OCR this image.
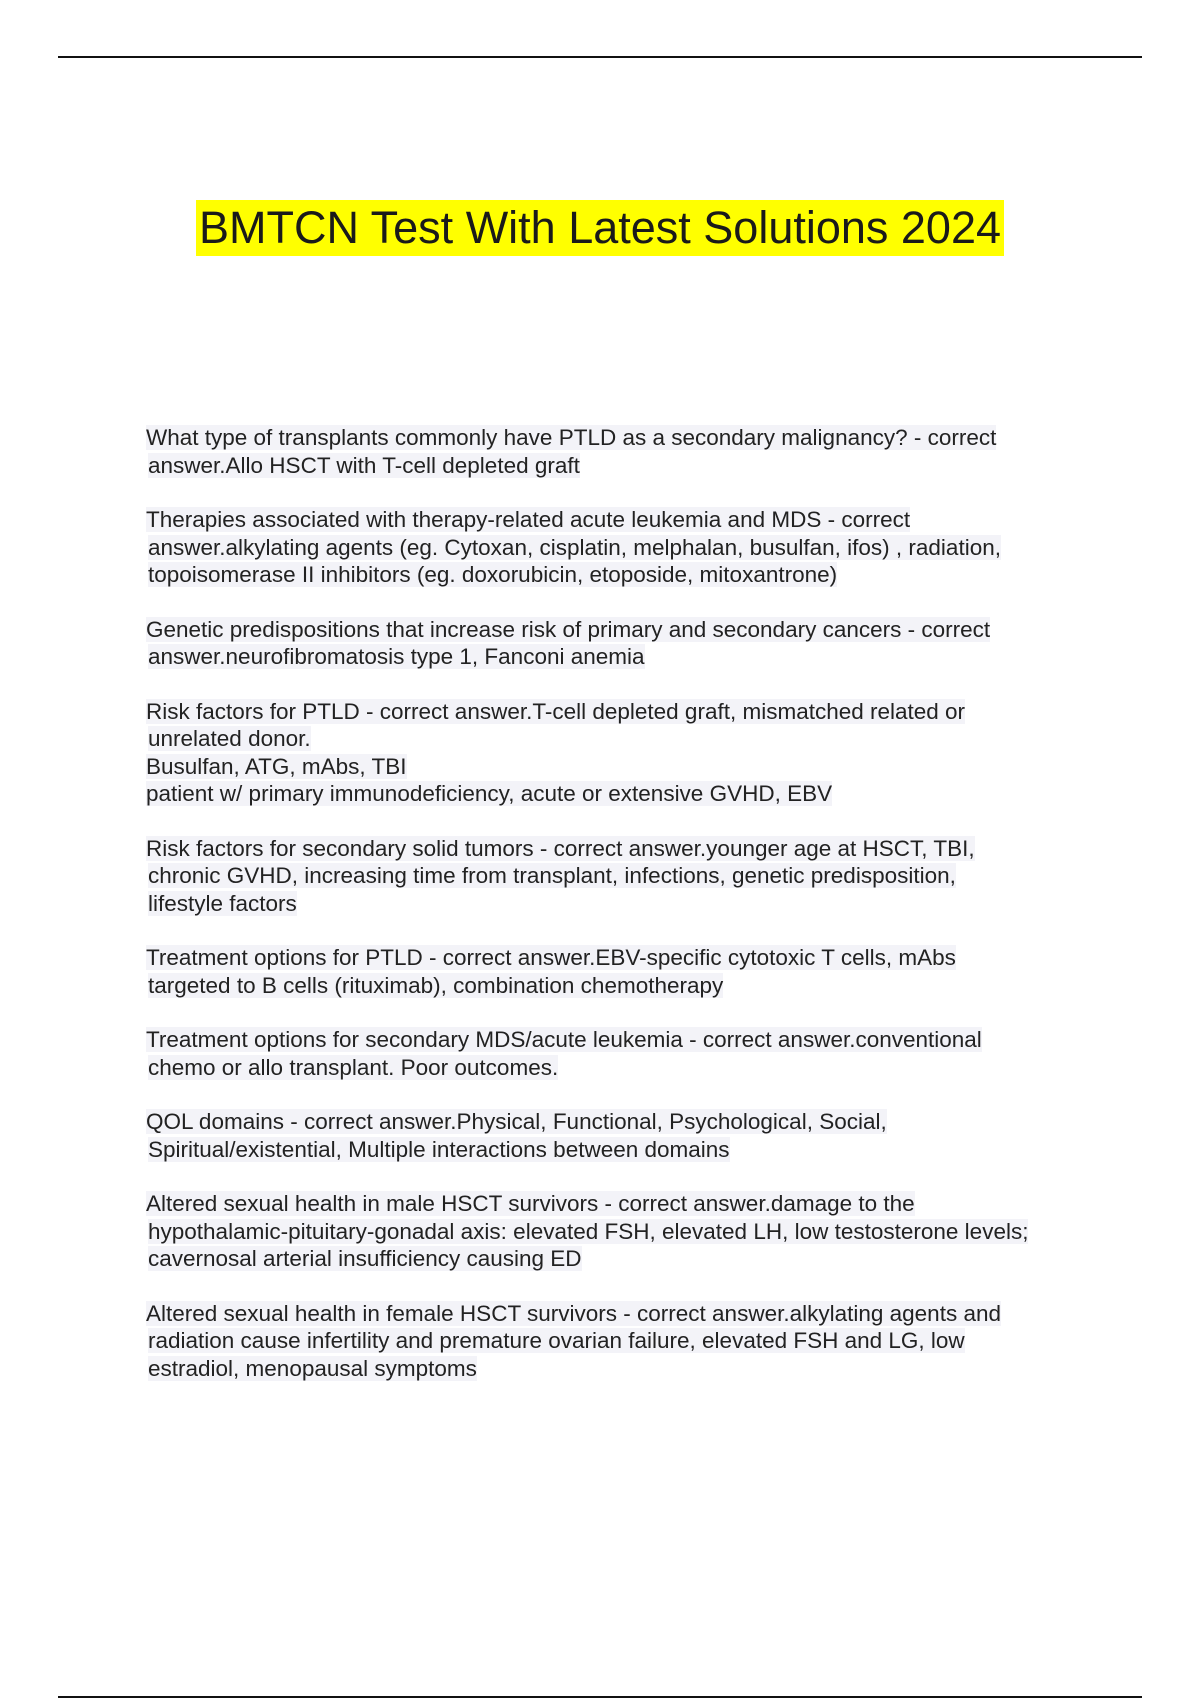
BMTCN Test With Latest Solutions 2024
What type of transplants commonly have PTLD as a secondary malignancy? - correct
answer.Allo HSCT with T-cell depleted graft
Therapies associated with therapy-related acute leukemia and MDS - correct
answer.alkylating agents (eg. Cytoxan, cisplatin, melphalan, busulfan, ifos) , radiation,
topoisomerase II inhibitors (eg. doxorubicin, etoposide, mitoxantrone)
Genetic predispositions that increase risk of primary and secondary cancers - correct
answer.neurofibromatosis type 1, Fanconi anemia
Risk factors for PTLD - correct answer.T-cell depleted graft, mismatched related or
unrelated donor.
Busulfan, ATG, mAbs, TBI
patient w/ primary immunodeficiency, acute or extensive GVHD, EBV
Risk factors for secondary solid tumors - correct answer.younger age at HSCT, TBI,
chronic GVHD, increasing time from transplant, infections, genetic predisposition,
lifestyle factors
Treatment options for PTLD - correct answer.EBV-specific cytotoxic T cells, mAbs
targeted to B cells (rituximab), combination chemotherapy
Treatment options for secondary MDS/acute leukemia - correct answer.conventional
chemo or allo transplant. Poor outcomes.
QOL domains - correct answer.Physical, Functional, Psychological, Social,
Spiritual/existential, Multiple interactions between domains
Altered sexual health in male HSCT survivors - correct answer.damage to the
hypothalamic-pituitary-gonadal axis: elevated FSH, elevated LH, low testosterone levels;
cavernosal arterial insufficiency causing ED
Altered sexual health in female HSCT survivors - correct answer.alkylating agents and
radiation cause infertility and premature ovarian failure, elevated FSH and LG, low
estradiol, menopausal symptoms
